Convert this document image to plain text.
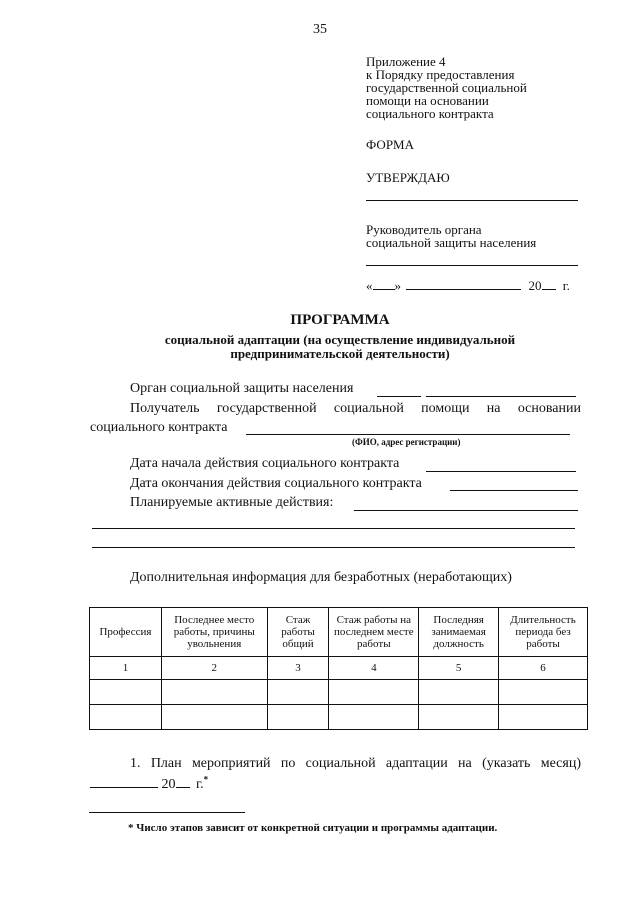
35
Приложение 4
к Порядку предоставления
государственной социальной
помощи на основании
социального контракта
ФОРМА
УТВЕРЖДАЮ
Руководитель органа
социальной защиты населения
« »	20 г.
ПРОГРАММА
социальной адаптации (на осуществление индивидуальной
предпринимательской деятельности)
Орган социальной защиты населения
Получатель государственной социальной помощи на основании
социального контракта
(ФИО, адрес регистрации)
Дата начала действия социального контракта
Дата окончания действия социального контракта
Планируемые активные действия:
Дополнительная информация для безработных (неработающих)
Профессия	Последнее место работы, причины увольнения	Стаж работы общий	Стаж работы на последнем месте работы	Последняя занимаемая должность	Длительность периода без работы
1	2	3	4	5	6

1. План мероприятий по социальной адаптации на (указать месяц)
20 г.*
* Число этапов зависит от конкретной ситуации и программы адаптации.
